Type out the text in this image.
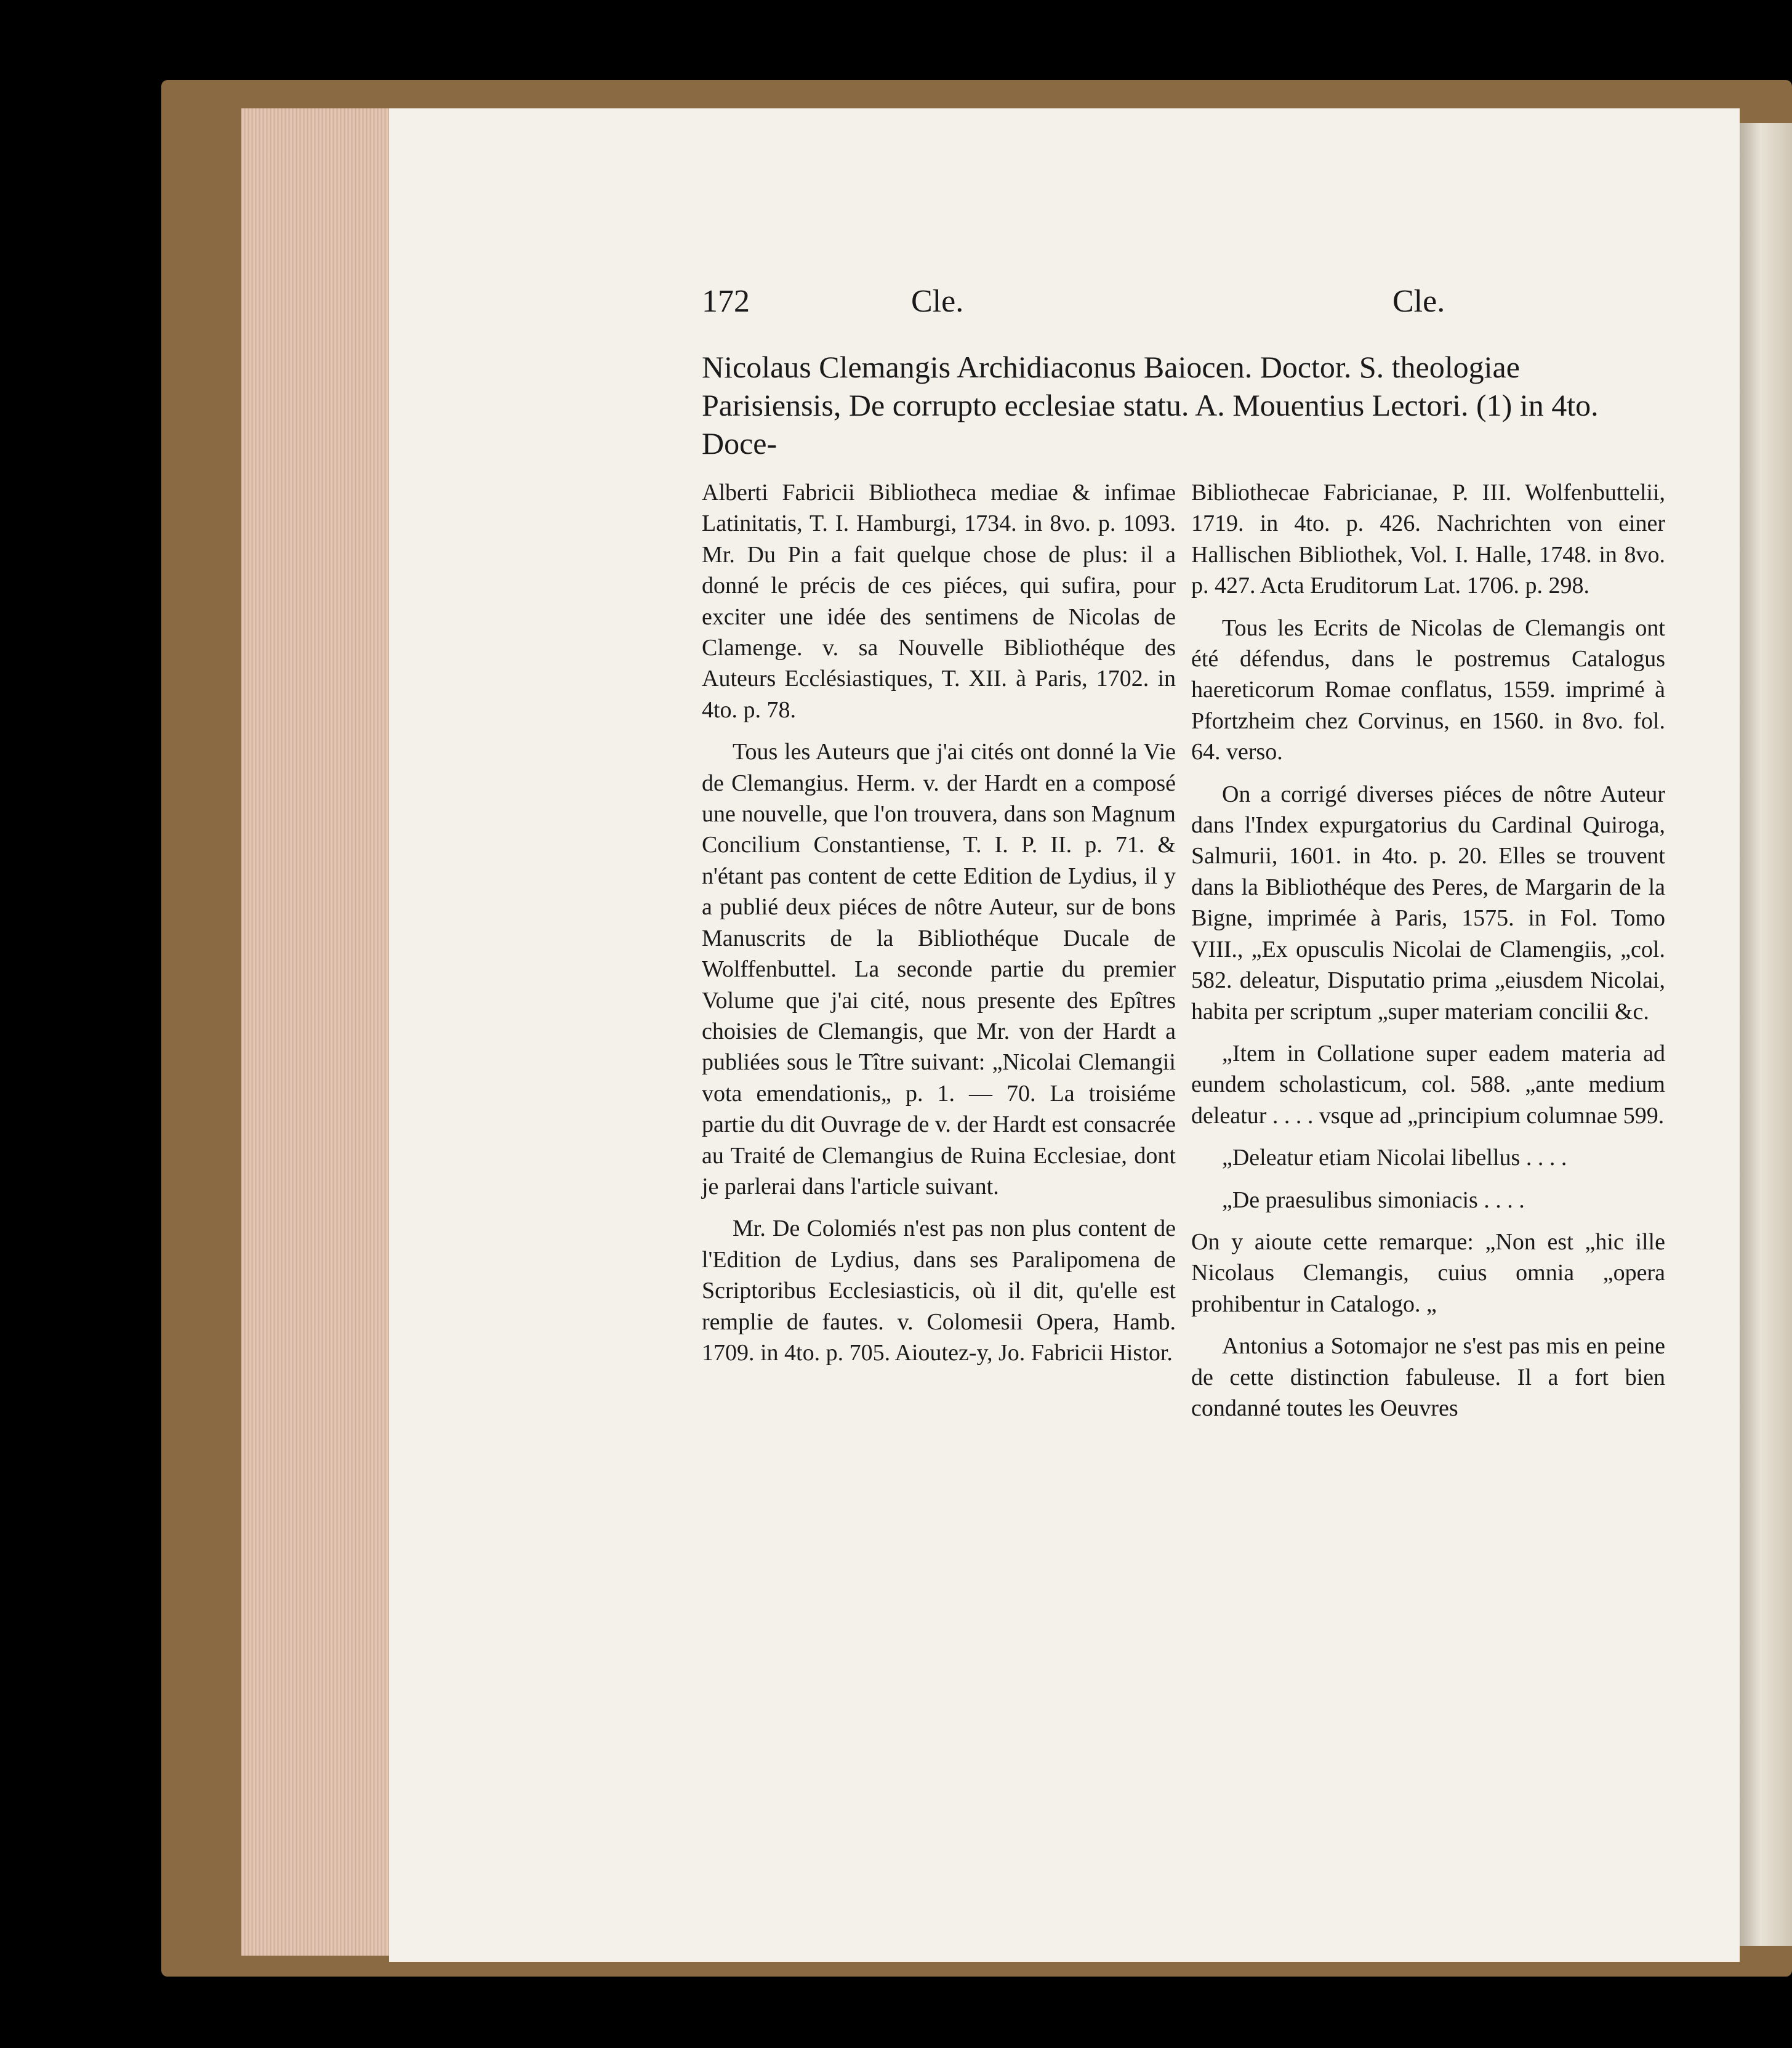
172	Cle.	Cle.
Nicolaus Clemangis Archidiaconus Baiocen. Doctor. S. theologiae Parisiensis, De corrupto ecclesiae statu. A. Mouentius Lectori. (1) in 4to. Doce-

Alberti Fabricii Bibliotheca mediae & infimae Latinitatis, T. I. Hamburgi, 1734. in 8vo. p. 1093. Mr. Du Pin a fait quelque chose de plus: il a donné le précis de ces piéces, qui sufira, pour exciter une idée des sentimens de Nicolas de Clamenge. v. sa Nouvelle Bibliothéque des Auteurs Ecclésiastiques, T. XII. à Paris, 1702. in 4to. p. 78.

Tous les Auteurs que j'ai cités ont donné la Vie de Clemangius. Herm. v. der Hardt en a composé une nouvelle, que l'on trouvera, dans son Magnum Concilium Constantiense, T. I. P. II. p. 71. & n'étant pas content de cette Edition de Lydius, il y a publié deux piéces de nôtre Auteur, sur de bons Manuscrits de la Bibliothéque Ducale de Wolffenbuttel. La seconde partie du premier Volume que j'ai cité, nous presente des Epîtres choisies de Clemangis, que Mr. von der Hardt a publiées sous le Tître suivant: „Nicolai Clemangii vota emendationis„ p. 1. — 70. La troisiéme partie du dit Ouvrage de v. der Hardt est consacrée au Traité de Clemangius de Ruina Ecclesiae, dont je parlerai dans l'article suivant.

Mr. De Colomiés n'est pas non plus content de l'Edition de Lydius, dans ses Paralipomena de Scriptoribus Ecclesiasticis, où il dit, qu'elle est remplie de fautes. v. Colomesii Opera, Hamb. 1709. in 4to. p. 705. Aioutez-y, Jo. Fabricii Histor.

Bibliothecae Fabricianae, P. III. Wolfenbuttelii, 1719. in 4to. p. 426. Nachrichten von einer Hallischen Bibliothek, Vol. I. Halle, 1748. in 8vo. p. 427. Acta Eruditorum Lat. 1706. p. 298.

Tous les Ecrits de Nicolas de Clemangis ont été défendus, dans le postremus Catalogus haereticorum Romae conflatus, 1559. imprimé à Pfortzheim chez Corvinus, en 1560. in 8vo. fol. 64. verso.

On a corrigé diverses piéces de nôtre Auteur dans l'Index expurgatorius du Cardinal Quiroga, Salmurii, 1601. in 4to. p. 20. Elles se trouvent dans la Bibliothéque des Peres, de Margarin de la Bigne, imprimée à Paris, 1575. in Fol. Tomo VIII., „Ex opusculis Nicolai de Clamengiis, „col. 582. deleatur, Disputatio prima „eiusdem Nicolai, habita per scriptum „super materiam concilii &c.

„Item in Collatione super eadem materia ad eundem scholasticum, col. 588. „ante medium deleatur . . . . vsque ad „principium columnae 599.

„Deleatur etiam Nicolai libellus . . . .

„De praesulibus simoniacis . . . .

On y aioute cette remarque: „Non est „hic ille Nicolaus Clemangis, cuius omnia „opera prohibentur in Catalogo. „

Antonius a Sotomajor ne s'est pas mis en peine de cette distinction fabuleuse. Il a fort bien condanné toutes les Oeuvres
